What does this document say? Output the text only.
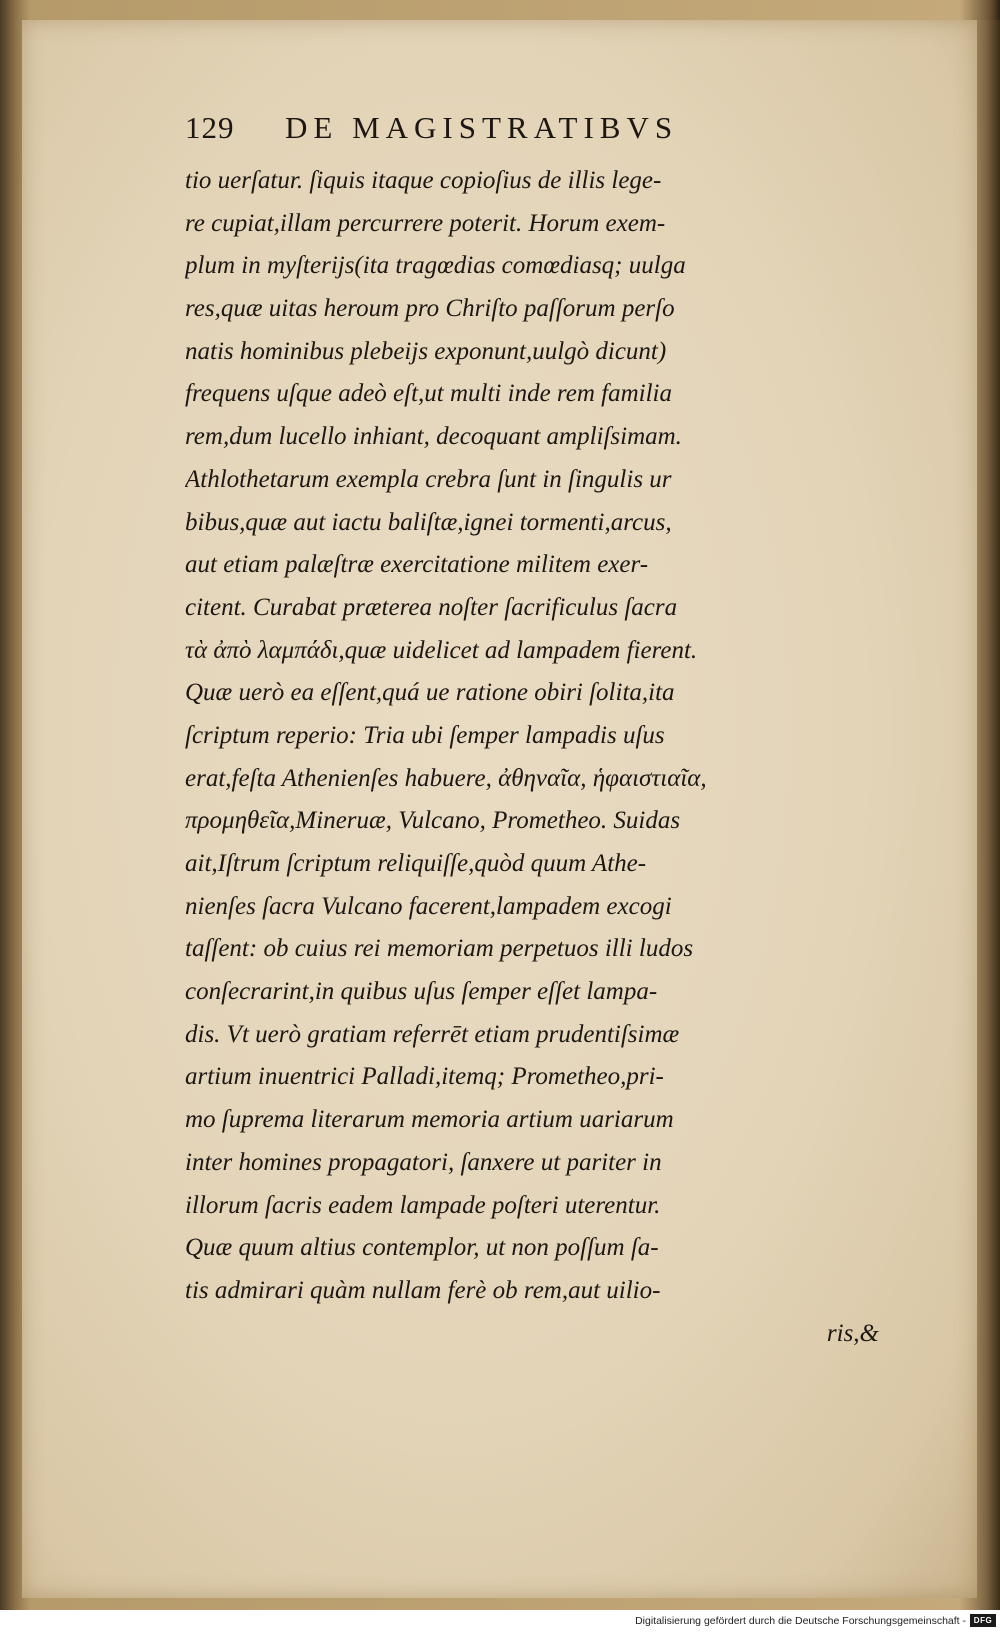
129 DE MAGISTRATIBVS
tio uerſatur. ſiquis itaque copioſius de illis lege-
re cupiat,illam percurrere poterit. Horum exem-
plum in myſterijs(ita tragœdias comœdiasq; uulga
res,quæ uitas heroum pro Chriſto paſſorum perſo
natis hominibus plebeijs exponunt,uulgò dicunt)
frequens uſque adeò eſt,ut multi inde rem familia
rem,dum lucello inhiant, decoquant ampliſsimam.
Athlothetarum exempla crebra ſunt in ſingulis ur
bibus,quæ aut iactu baliſtæ,ignei tormenti,arcus,
aut etiam palæſtræ exercitatione militem exer-
citent. Curabat præterea noſter ſacrificulus ſacra
τὰ ἀπὸ λαμπάδι,quæ uidelicet ad lampadem fierent.
Quæ uerò ea eſſent,quá ue ratione obiri ſolita,ita
ſcriptum reperio: Tria ubi ſemper lampadis uſus
erat,feſta Athenienſes habuere, ἀθηναῖα, ἡφαιστιαῖα,
προμηθεῖα,Mineruæ, Vulcano, Prometheo. Suidas
ait,Iſtrum ſcriptum reliquiſſe,quòd quum Athe-
nienſes ſacra Vulcano facerent,lampadem excogi
taſſent: ob cuius rei memoriam perpetuos illi ludos
conſecrarint,in quibus uſus ſemper eſſet lampa-
dis. Vt uerò gratiam referrēt etiam prudentiſsimæ
artium inuentrici Palladi,itemq; Prometheo,pri-
mo ſuprema literarum memoria artium uariarum
inter homines propagatori, ſanxere ut pariter in
illorum ſacris eadem lampade poſteri uterentur.
Quæ quum altius contemplor, ut non poſſum ſa-
tis admirari quàm nullam ferè ob rem,aut uilio-
ris,&
Digitalisierung gefördert durch die Deutsche Forschungsgemeinschaft - DFG
